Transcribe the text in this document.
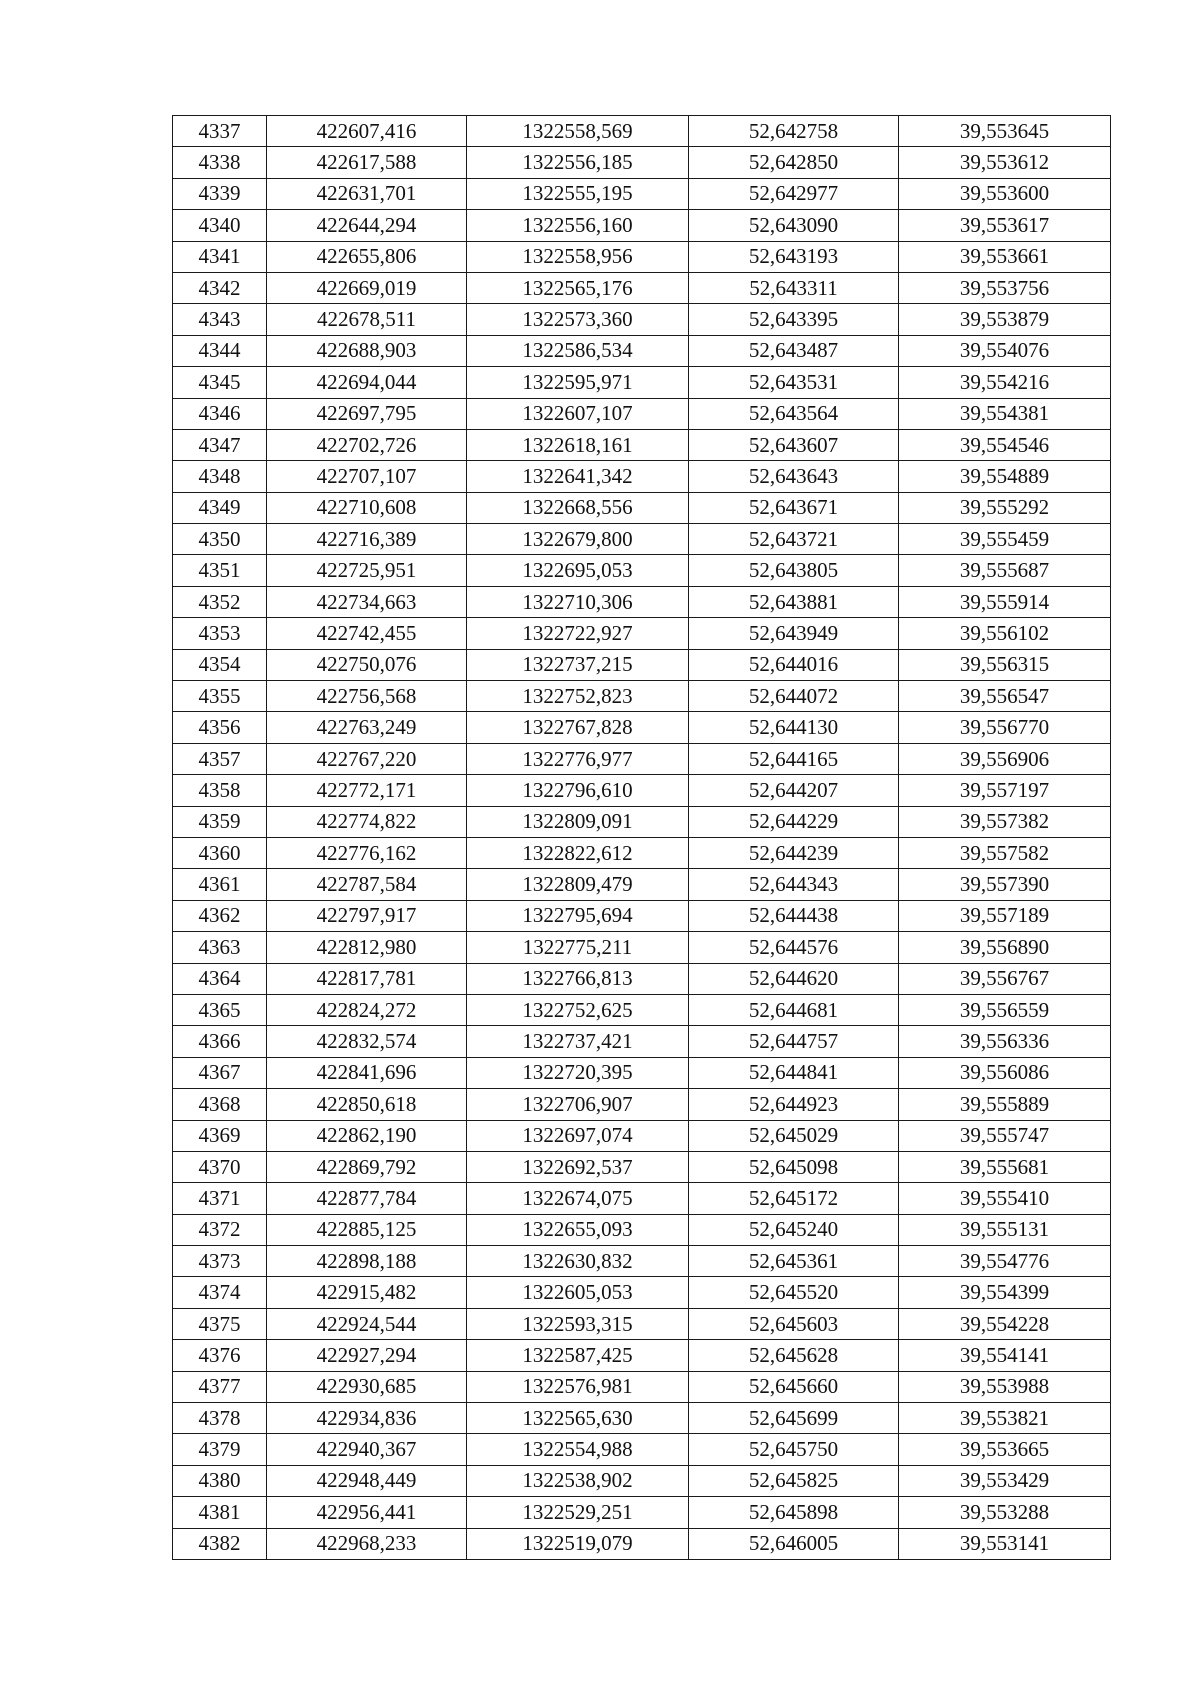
4337	422607,416	1322558,569	52,642758	39,553645
4338	422617,588	1322556,185	52,642850	39,553612
4339	422631,701	1322555,195	52,642977	39,553600
4340	422644,294	1322556,160	52,643090	39,553617
4341	422655,806	1322558,956	52,643193	39,553661
4342	422669,019	1322565,176	52,643311	39,553756
4343	422678,511	1322573,360	52,643395	39,553879
4344	422688,903	1322586,534	52,643487	39,554076
4345	422694,044	1322595,971	52,643531	39,554216
4346	422697,795	1322607,107	52,643564	39,554381
4347	422702,726	1322618,161	52,643607	39,554546
4348	422707,107	1322641,342	52,643643	39,554889
4349	422710,608	1322668,556	52,643671	39,555292
4350	422716,389	1322679,800	52,643721	39,555459
4351	422725,951	1322695,053	52,643805	39,555687
4352	422734,663	1322710,306	52,643881	39,555914
4353	422742,455	1322722,927	52,643949	39,556102
4354	422750,076	1322737,215	52,644016	39,556315
4355	422756,568	1322752,823	52,644072	39,556547
4356	422763,249	1322767,828	52,644130	39,556770
4357	422767,220	1322776,977	52,644165	39,556906
4358	422772,171	1322796,610	52,644207	39,557197
4359	422774,822	1322809,091	52,644229	39,557382
4360	422776,162	1322822,612	52,644239	39,557582
4361	422787,584	1322809,479	52,644343	39,557390
4362	422797,917	1322795,694	52,644438	39,557189
4363	422812,980	1322775,211	52,644576	39,556890
4364	422817,781	1322766,813	52,644620	39,556767
4365	422824,272	1322752,625	52,644681	39,556559
4366	422832,574	1322737,421	52,644757	39,556336
4367	422841,696	1322720,395	52,644841	39,556086
4368	422850,618	1322706,907	52,644923	39,555889
4369	422862,190	1322697,074	52,645029	39,555747
4370	422869,792	1322692,537	52,645098	39,555681
4371	422877,784	1322674,075	52,645172	39,555410
4372	422885,125	1322655,093	52,645240	39,555131
4373	422898,188	1322630,832	52,645361	39,554776
4374	422915,482	1322605,053	52,645520	39,554399
4375	422924,544	1322593,315	52,645603	39,554228
4376	422927,294	1322587,425	52,645628	39,554141
4377	422930,685	1322576,981	52,645660	39,553988
4378	422934,836	1322565,630	52,645699	39,553821
4379	422940,367	1322554,988	52,645750	39,553665
4380	422948,449	1322538,902	52,645825	39,553429
4381	422956,441	1322529,251	52,645898	39,553288
4382	422968,233	1322519,079	52,646005	39,553141
